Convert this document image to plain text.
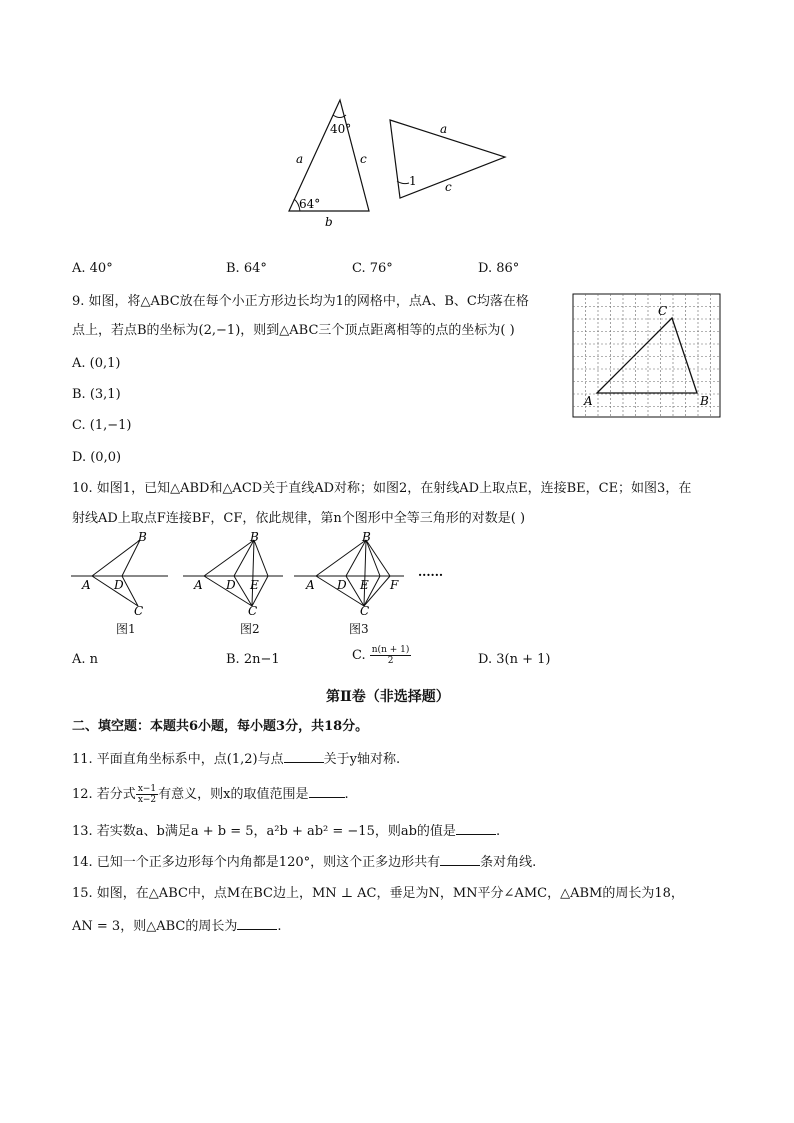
40°
64°
a	c
b
a
c
1
A. 40°	B. 64°	C. 76°	D. 86°
9. 如图，将△ABC放在每个小正方形边长均为1的网格中，点A、B、C均落在格
点上，若点B的坐标为(2,−1)，则到△ABC三个顶点距离相等的点的坐标为( )
A. (0,1)
B. (3,1)
C. (1,−1)
D. (0,0)
A	B
C
10. 如图1，已知△ABD和△ACD关于直线AD对称；如图2，在射线AD上取点E，连接BE，CE；如图3，在
射线AD上取点F连接BF，CF，依此规律，第n个图形中全等三角形的对数是( )
B
A D
C
B
A D E
C
B
A D E F
C
······
图1	图2	图3
A. n	B. 2n−1	C. $\frac{n(n + 1)}{2}$	D. 3(n + 1)
第Ⅱ卷（非选择题）
二、填空题：本题共6小题，每小题3分，共18分。
11. 平面直角坐标系中，点(1,2)与点	关于y轴对称.
12. 若分式 $\frac{x-1}{x-2}$ 有意义，则x的取值范围是	.
13. 若实数a、b满足a + b = 5，a²b + ab² = −15，则ab的值是	.
14. 已知一个正多边形每个内角都是120°，则这个正多边形共有	条对角线.
15. 如图，在△ABC中，点M在BC边上，MN ⊥ AC，垂足为N，MN平分∠AMC，△ABM的周长为18，
AN = 3，则△ABC的周长为	.
